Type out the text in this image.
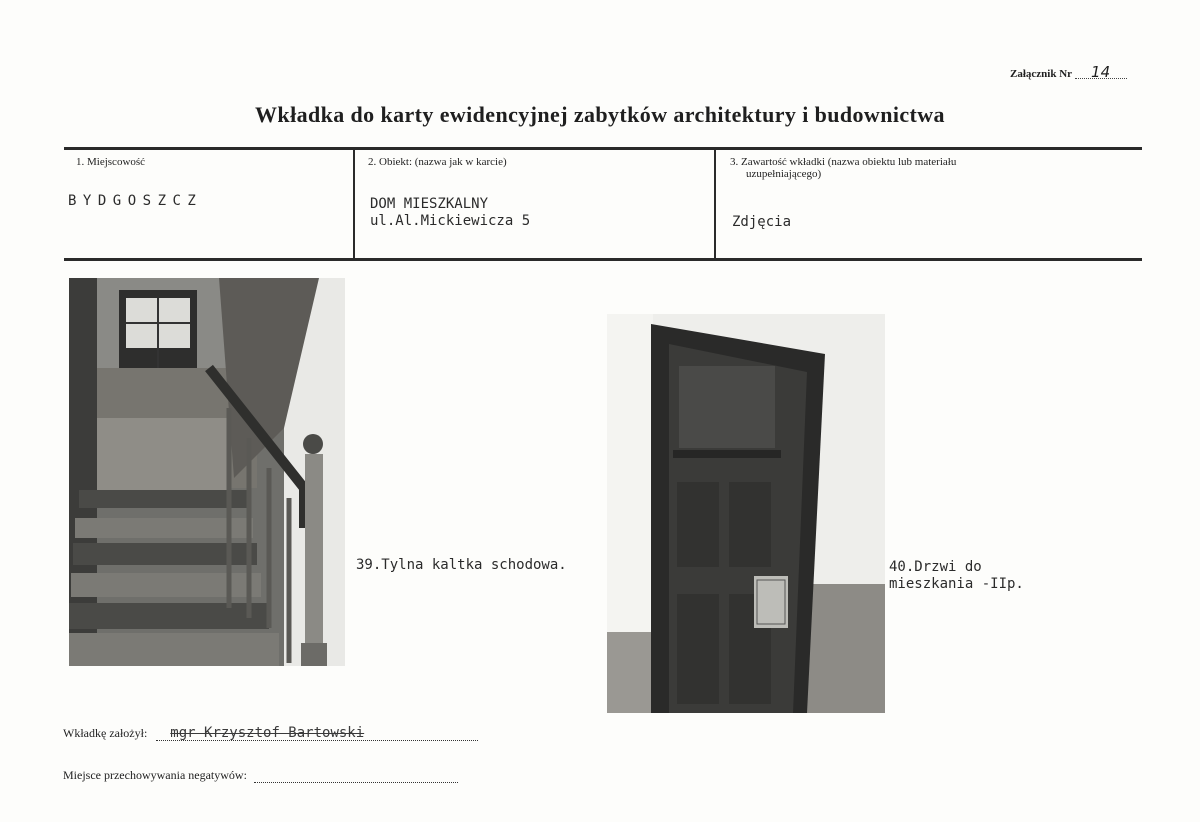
Załącznik Nr 14
Wkładka do karty ewidencyjnej zabytków architektury i budownictwa
1. Miejscowość
BYDGOSZCZ
2. Obiekt: (nazwa jak w karcie)
DOM MIESZKALNY
ul.Al.Mickiewicza 5
3. Zawartość wkładki (nazwa obiektu lub materiału
uzupełniającego)
Zdjęcia
39.Tylna kaltka schodowa.	40.Drzwi do
mieszkania -IIp.
Wkładkę założył: mgr Krzysztof Bartowski
Miejsce przechowywania negatywów:
